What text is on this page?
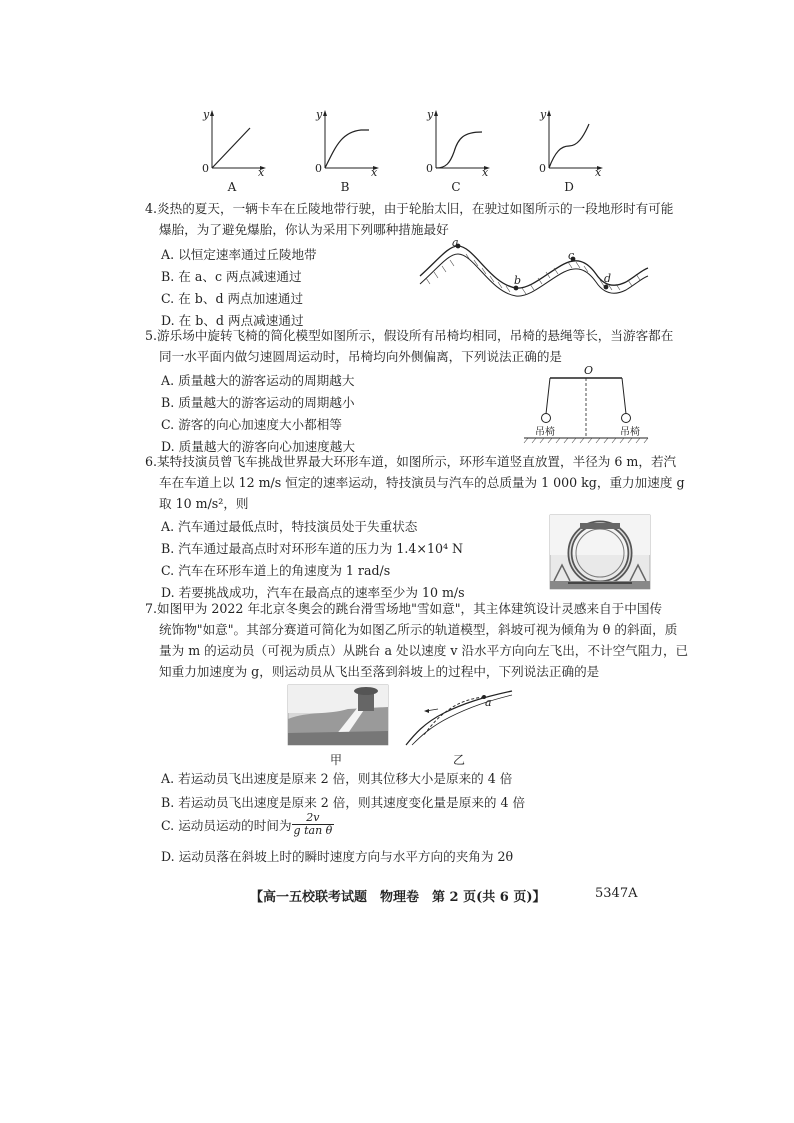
y
0	x
y
0	x
y
0	x
y
0	x
A	B	C	D
4.炎热的夏天，一辆卡车在丘陵地带行驶，由于轮胎太旧，在驶过如图所示的一段地形时有可能
爆胎，为了避免爆胎，你认为采用下列哪种措施最好
A. 以恒定速率通过丘陵地带
B. 在 a、c 两点减速通过
C. 在 b、d 两点加速通过
D. 在 b、d 两点减速通过
a
b
c
d
5.游乐场中旋转飞椅的简化模型如图所示，假设所有吊椅均相同，吊椅的悬绳等长，当游客都在
同一水平面内做匀速圆周运动时，吊椅均向外侧偏离，下列说法正确的是
A. 质量越大的游客运动的周期越大
B. 质量越大的游客运动的周期越小
C. 游客的向心加速度大小都相等
D. 质量越大的游客向心加速度越大
O
吊椅	吊椅
6.某特技演员曾飞车挑战世界最大环形车道，如图所示，环形车道竖直放置，半径为 6 m，若汽
车在车道上以 12 m/s 恒定的速率运动，特技演员与汽车的总质量为 1 000 kg，重力加速度 g
取 10 m/s²，则
A. 汽车通过最低点时，特技演员处于失重状态
B. 汽车通过最高点时对环形车道的压力为 1.4×10⁴ N
C. 汽车在环形车道上的角速度为 1 rad/s
D. 若要挑战成功，汽车在最高点的速率至少为 10 m/s
7.如图甲为 2022 年北京冬奥会的跳台滑雪场地"雪如意"，其主体建筑设计灵感来自于中国传
统饰物"如意"。其部分赛道可简化为如图乙所示的轨道模型，斜坡可视为倾角为 θ 的斜面，质
量为 m 的运动员（可视为质点）从跳台 a 处以速度 v 沿水平方向向左飞出，不计空气阻力，已
知重力加速度为 g，则运动员从飞出至落到斜坡上的过程中，下列说法正确的是
a
甲	乙
A. 若运动员飞出速度是原来 2 倍，则其位移大小是原来的 4 倍
B. 若运动员飞出速度是原来 2 倍，则其速度变化量是原来的 4 倍
C. 运动员运动的时间为 $\frac{2v}{\text{g tan θ}}$
D. 运动员落在斜坡上时的瞬时速度方向与水平方向的夹角为 2θ
【高一五校联考试题　物理卷　第 2 页(共 6 页)】	5347A
